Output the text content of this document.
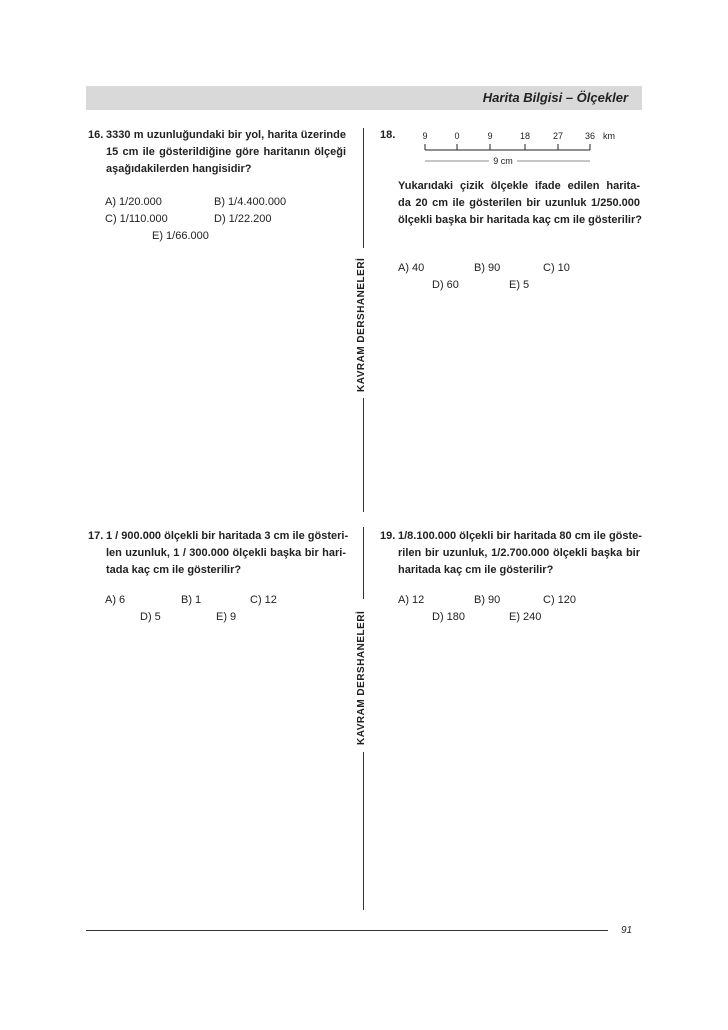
Harita Bilgisi – Ölçekler
KAVRAM DERSHANELERİ
KAVRAM DERSHANELERİ
16. 3330 m uzunluğundaki bir yol, harita üzerinde
15 cm ile gösterildiğine göre haritanın ölçeği
aşağıdakilerden hangisidir?
A) 1/20.000	B) 1/4.400.000
C) 1/110.000	D) 1/22.200
E) 1/66.000
18.	9	0	9	18	27 36 km
9 cm
Yukarıdaki çizik ölçekle ifade edilen harita-
da 20 cm ile gösterilen bir uzunluk 1/250.000
ölçekli başka bir haritada kaç cm ile gösterilir?
A) 40	B) 90	C) 10
D) 60	E) 5
17. 1 / 900.000 ölçekli bir haritada 3 cm ile gösteri-
len uzunluk, 1 / 300.000 ölçekli başka bir hari-
tada kaç cm ile gösterilir?
A) 6	B) 1	C) 12
D) 5	E) 9
19. 1/8.100.000 ölçekli bir haritada 80 cm ile göste-
rilen bir uzunluk, 1/2.700.000 ölçekli başka bir
haritada kaç cm ile gösterilir?
A) 12	B) 90	C) 120
D) 180	E) 240
91
